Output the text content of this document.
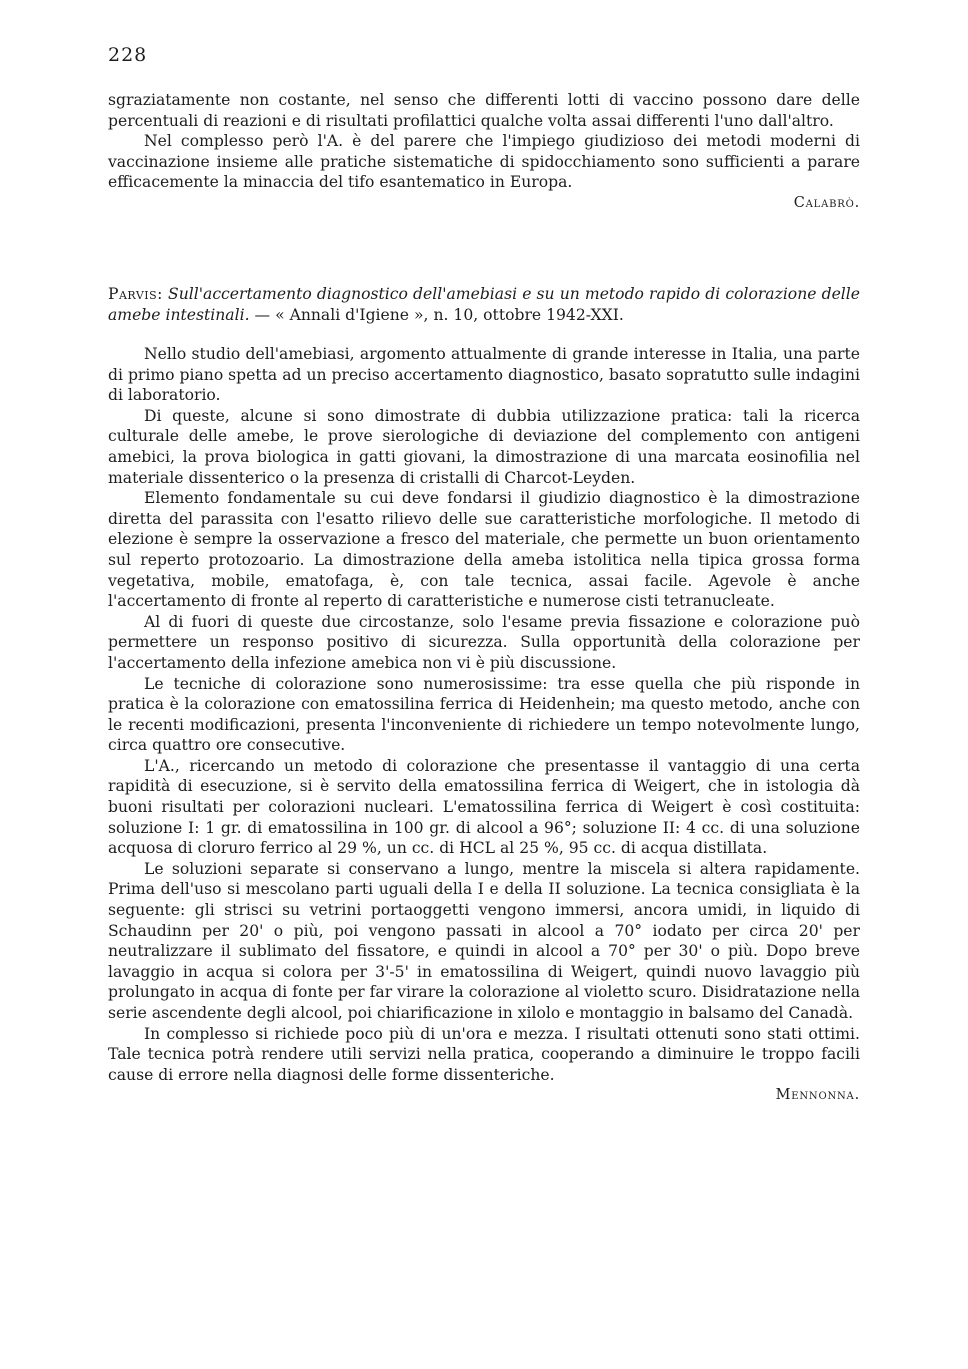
228

sgraziatamente non costante, nel senso che differenti lotti di vaccino possono dare delle percentuali di reazioni e di risultati profilattici qualche volta assai differenti l'uno dall'altro.

Nel complesso però l'A. è del parere che l'impiego giudizioso dei metodi moderni di vaccinazione insieme alle pratiche sistematiche di spidocchiamento sono sufficienti a parare efficacemente la minaccia del tifo esantematico in Europa.

Calabrò.

Parvis: Sull'accertamento diagnostico dell'amebiasi e su un metodo rapido di colorazione delle amebe intestinali. — « Annali d'Igiene », n. 10, ottobre 1942-XXI.

Nello studio dell'amebiasi, argomento attualmente di grande interesse in Italia, una parte di primo piano spetta ad un preciso accertamento diagnostico, basato sopratutto sulle indagini di laboratorio.

Di queste, alcune si sono dimostrate di dubbia utilizzazione pratica: tali la ricerca culturale delle amebe, le prove sierologiche di deviazione del complemento con antigeni amebici, la prova biologica in gatti giovani, la dimostrazione di una marcata eosinofilia nel materiale dissenterico o la presenza di cristalli di Charcot-Leyden.

Elemento fondamentale su cui deve fondarsi il giudizio diagnostico è la dimostrazione diretta del parassita con l'esatto rilievo delle sue caratteristiche morfologiche. Il metodo di elezione è sempre la osservazione a fresco del materiale, che permette un buon orientamento sul reperto protozoario. La dimostrazione della ameba istolitica nella tipica grossa forma vegetativa, mobile, ematofaga, è, con tale tecnica, assai facile. Agevole è anche l'accertamento di fronte al reperto di caratteristiche e numerose cisti tetranucleate.

Al di fuori di queste due circostanze, solo l'esame previa fissazione e colorazione può permettere un responso positivo di sicurezza. Sulla opportunità della colorazione per l'accertamento della infezione amebica non vi è più discussione.

Le tecniche di colorazione sono numerosissime: tra esse quella che più risponde in pratica è la colorazione con ematossilina ferrica di Heidenhein; ma questo metodo, anche con le recenti modificazioni, presenta l'inconveniente di richiedere un tempo notevolmente lungo, circa quattro ore consecutive.

L'A., ricercando un metodo di colorazione che presentasse il vantaggio di una certa rapidità di esecuzione, si è servito della ematossilina ferrica di Weigert, che in istologia dà buoni risultati per colorazioni nucleari. L'ematossilina ferrica di Weigert è così costituita: soluzione I: 1 gr. di ematossilina in 100 gr. di alcool a 96°; soluzione II: 4 cc. di una soluzione acquosa di cloruro ferrico al 29 %, un cc. di HCL al 25 %, 95 cc. di acqua distillata.

Le soluzioni separate si conservano a lungo, mentre la miscela si altera rapidamente. Prima dell'uso si mescolano parti uguali della I e della II soluzione. La tecnica consigliata è la seguente: gli strisci su vetrini portaoggetti vengono immersi, ancora umidi, in liquido di Schaudinn per 20' o più, poi vengono passati in alcool a 70° iodato per circa 20' per neutralizzare il sublimato del fissatore, e quindi in alcool a 70° per 30' o più. Dopo breve lavaggio in acqua si colora per 3'-5' in ematossilina di Weigert, quindi nuovo lavaggio più prolungato in acqua di fonte per far virare la colorazione al violetto scuro. Disidratazione nella serie ascendente degli alcool, poi chiarificazione in xilolo e montaggio in balsamo del Canadà.

In complesso si richiede poco più di un'ora e mezza. I risultati ottenuti sono stati ottimi. Tale tecnica potrà rendere utili servizi nella pratica, cooperando a diminuire le troppo facili cause di errore nella diagnosi delle forme dissenteriche.

Mennonna.
